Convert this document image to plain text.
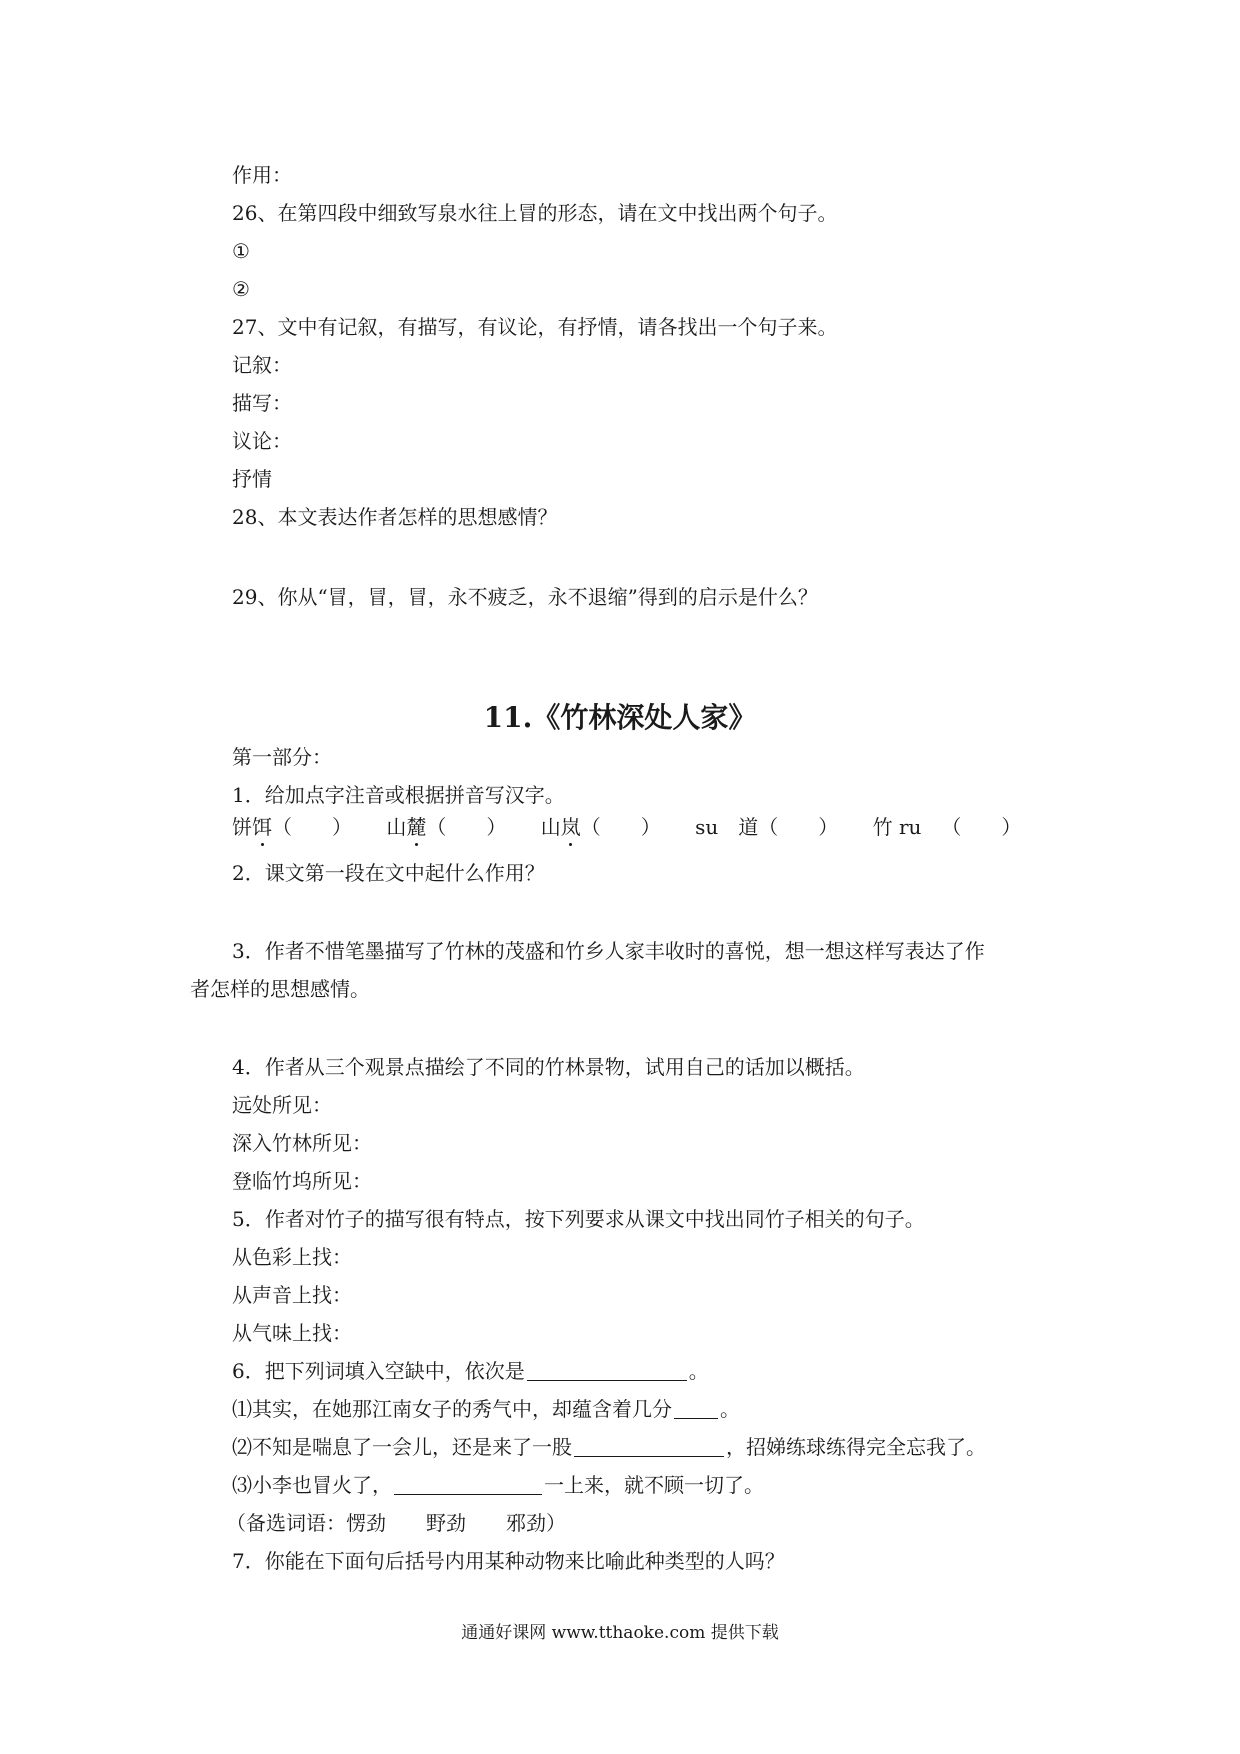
作用：

26、在第四段中细致写泉水往上冒的形态，请在文中找出两个句子。

①

②

27、文中有记叙，有描写，有议论，有抒情，请各找出一个句子来。

记叙：

描写：

议论：

抒情

28、本文表达作者怎样的思想感情？

29、你从“冒，冒，冒，永不疲乏，永不退缩”得到的启示是什么？

11.《竹林深处人家》

第一部分：

1．给加点字注音或根据拼音写汉字。

饼饵（　　） 山麓（　　） 山岚（　　） su　道（　　） 竹 ru　（　　）

2．课文第一段在文中起什么作用？

3．作者不惜笔墨描写了竹林的茂盛和竹乡人家丰收时的喜悦，想一想这样写表达了作

者怎样的思想感情。

4．作者从三个观景点描绘了不同的竹林景物，试用自己的话加以概括。

远处所见：

深入竹林所见：

登临竹坞所见：

5．作者对竹子的描写很有特点，按下列要求从课文中找出同竹子相关的句子。

从色彩上找：

从声音上找：

从气味上找：

6．把下列词填入空缺中，依次是	。

⑴其实，在她那江南女子的秀气中，却蕴含着几分 。

⑵不知是喘息了一会儿，还是来了一股	，招娣练球练得完全忘我了。

⑶小李也冒火了，	一上来，就不顾一切了。

（备选词语：愣劲　　野劲　　邪劲）

7．你能在下面句后括号内用某种动物来比喻此种类型的人吗？

通通好课网 www.tthaoke.com 提供下载
